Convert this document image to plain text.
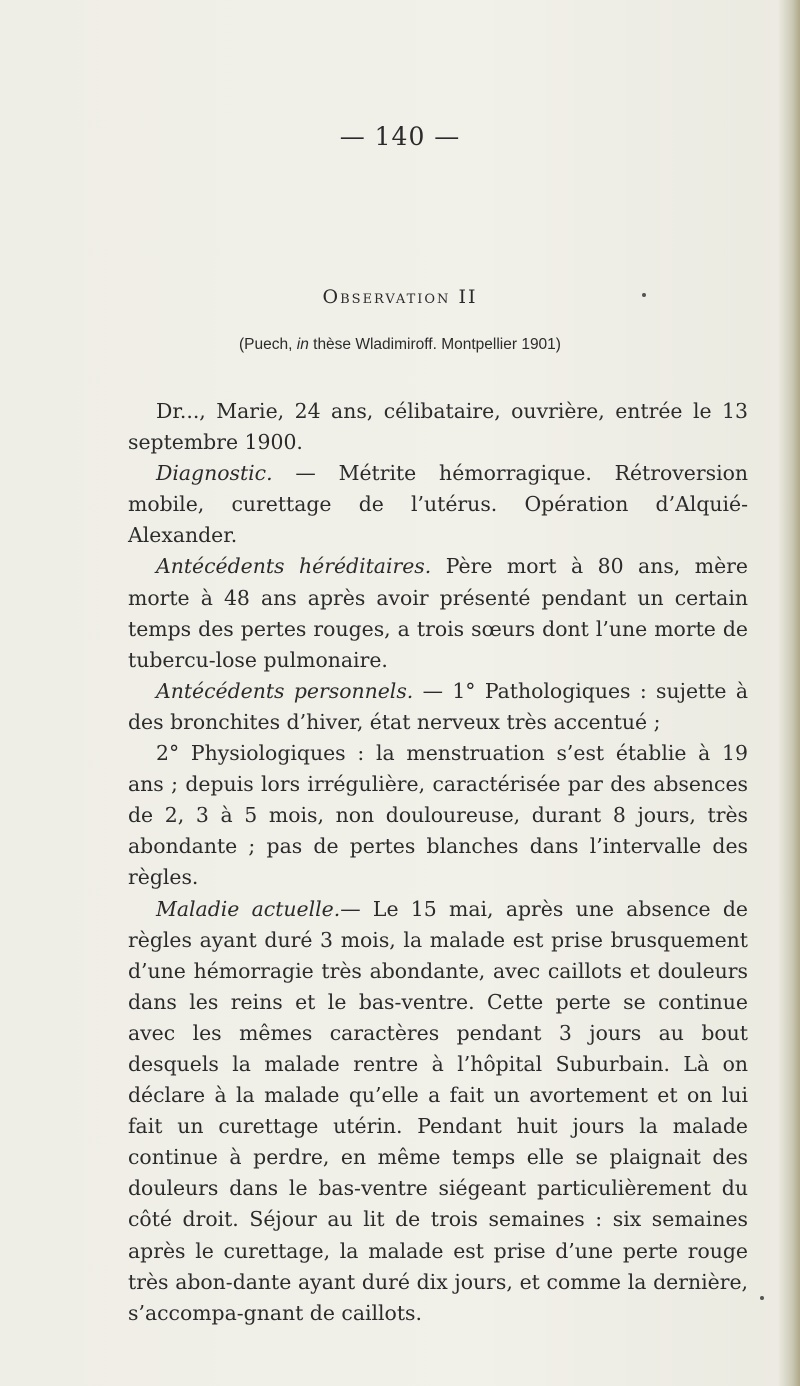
— 140 —
Observation II
(Puech, in thèse Wladimiroff. Montpellier 1901)

Dr..., Marie, 24 ans, célibataire, ouvrière, entrée le 13 septembre 1900.

Diagnostic. — Métrite hémorragique. Rétroversion mobile, curettage de l’utérus. Opération d’Alquié-Alexander.

Antécédents héréditaires. Père mort à 80 ans, mère morte à 48 ans après avoir présenté pendant un certain temps des pertes rouges, a trois sœurs dont l’une morte de tubercu-lose pulmonaire.

Antécédents personnels. — 1° Pathologiques : sujette à des bronchites d’hiver, état nerveux très accentué ;

2° Physiologiques : la menstruation s’est établie à 19 ans ; depuis lors irrégulière, caractérisée par des absences de 2, 3 à 5 mois, non douloureuse, durant 8 jours, très abondante ; pas de pertes blanches dans l’intervalle des règles.

Maladie actuelle.— Le 15 mai, après une absence de règles ayant duré 3 mois, la malade est prise brusquement d’une hémorragie très abondante, avec caillots et douleurs dans les reins et le bas-ventre. Cette perte se continue avec les mêmes caractères pendant 3 jours au bout desquels la malade rentre à l’hôpital Suburbain. Là on déclare à la malade qu’elle a fait un avortement et on lui fait un curettage utérin. Pendant huit jours la malade continue à perdre, en même temps elle se plaignait des douleurs dans le bas-ventre siégeant particulièrement du côté droit. Séjour au lit de trois semaines : six semaines après le curettage, la malade est prise d’une perte rouge très abon-dante ayant duré dix jours, et comme la dernière, s’accompa-gnant de caillots.
